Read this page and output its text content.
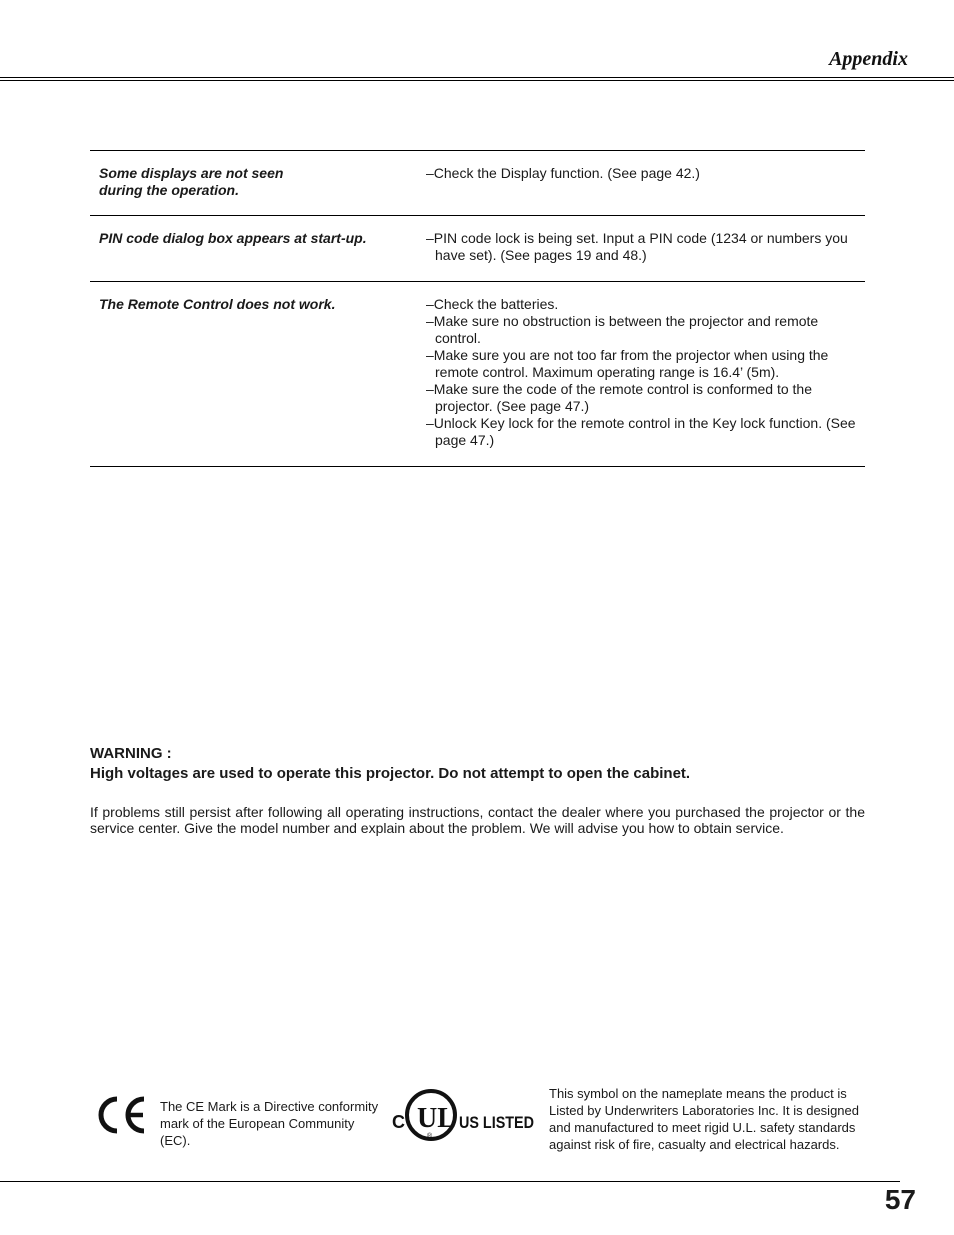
Appendix
Some displays are not seen
during the operation.
–Check the Display function. (See page 42.)
PIN code dialog box appears at start-up.	–PIN code lock is being set. Input a PIN code (1234 or numbers you have set). (See pages 19 and 48.)
The Remote Control does not work.	–Check the batteries.
–Make sure no obstruction is between the projector and remote control.
–Make sure you are not too far from the projector when using the remote control. Maximum operating range is 16.4’ (5m).
–Make sure the code of the remote control is conformed to the projector. (See page 47.)
–Unlock Key lock for the remote control in the Key lock function. (See page 47.)
WARNING :
High voltages are used to operate this projector. Do not attempt to open the cabinet.
If problems still persist after following all operating instructions, contact the dealer where you purchased the projector or the service center. Give the model number and explain about the problem. We will advise you how to obtain service.
The CE Mark is a Directive conformity mark of the European Community (EC).
C UL
®
US LISTED
This symbol on the nameplate means the product is Listed by Underwriters Laboratories Inc. It is designed and manufactured to meet rigid U.L. safety standards against risk of fire, casualty and electrical hazards.
57
